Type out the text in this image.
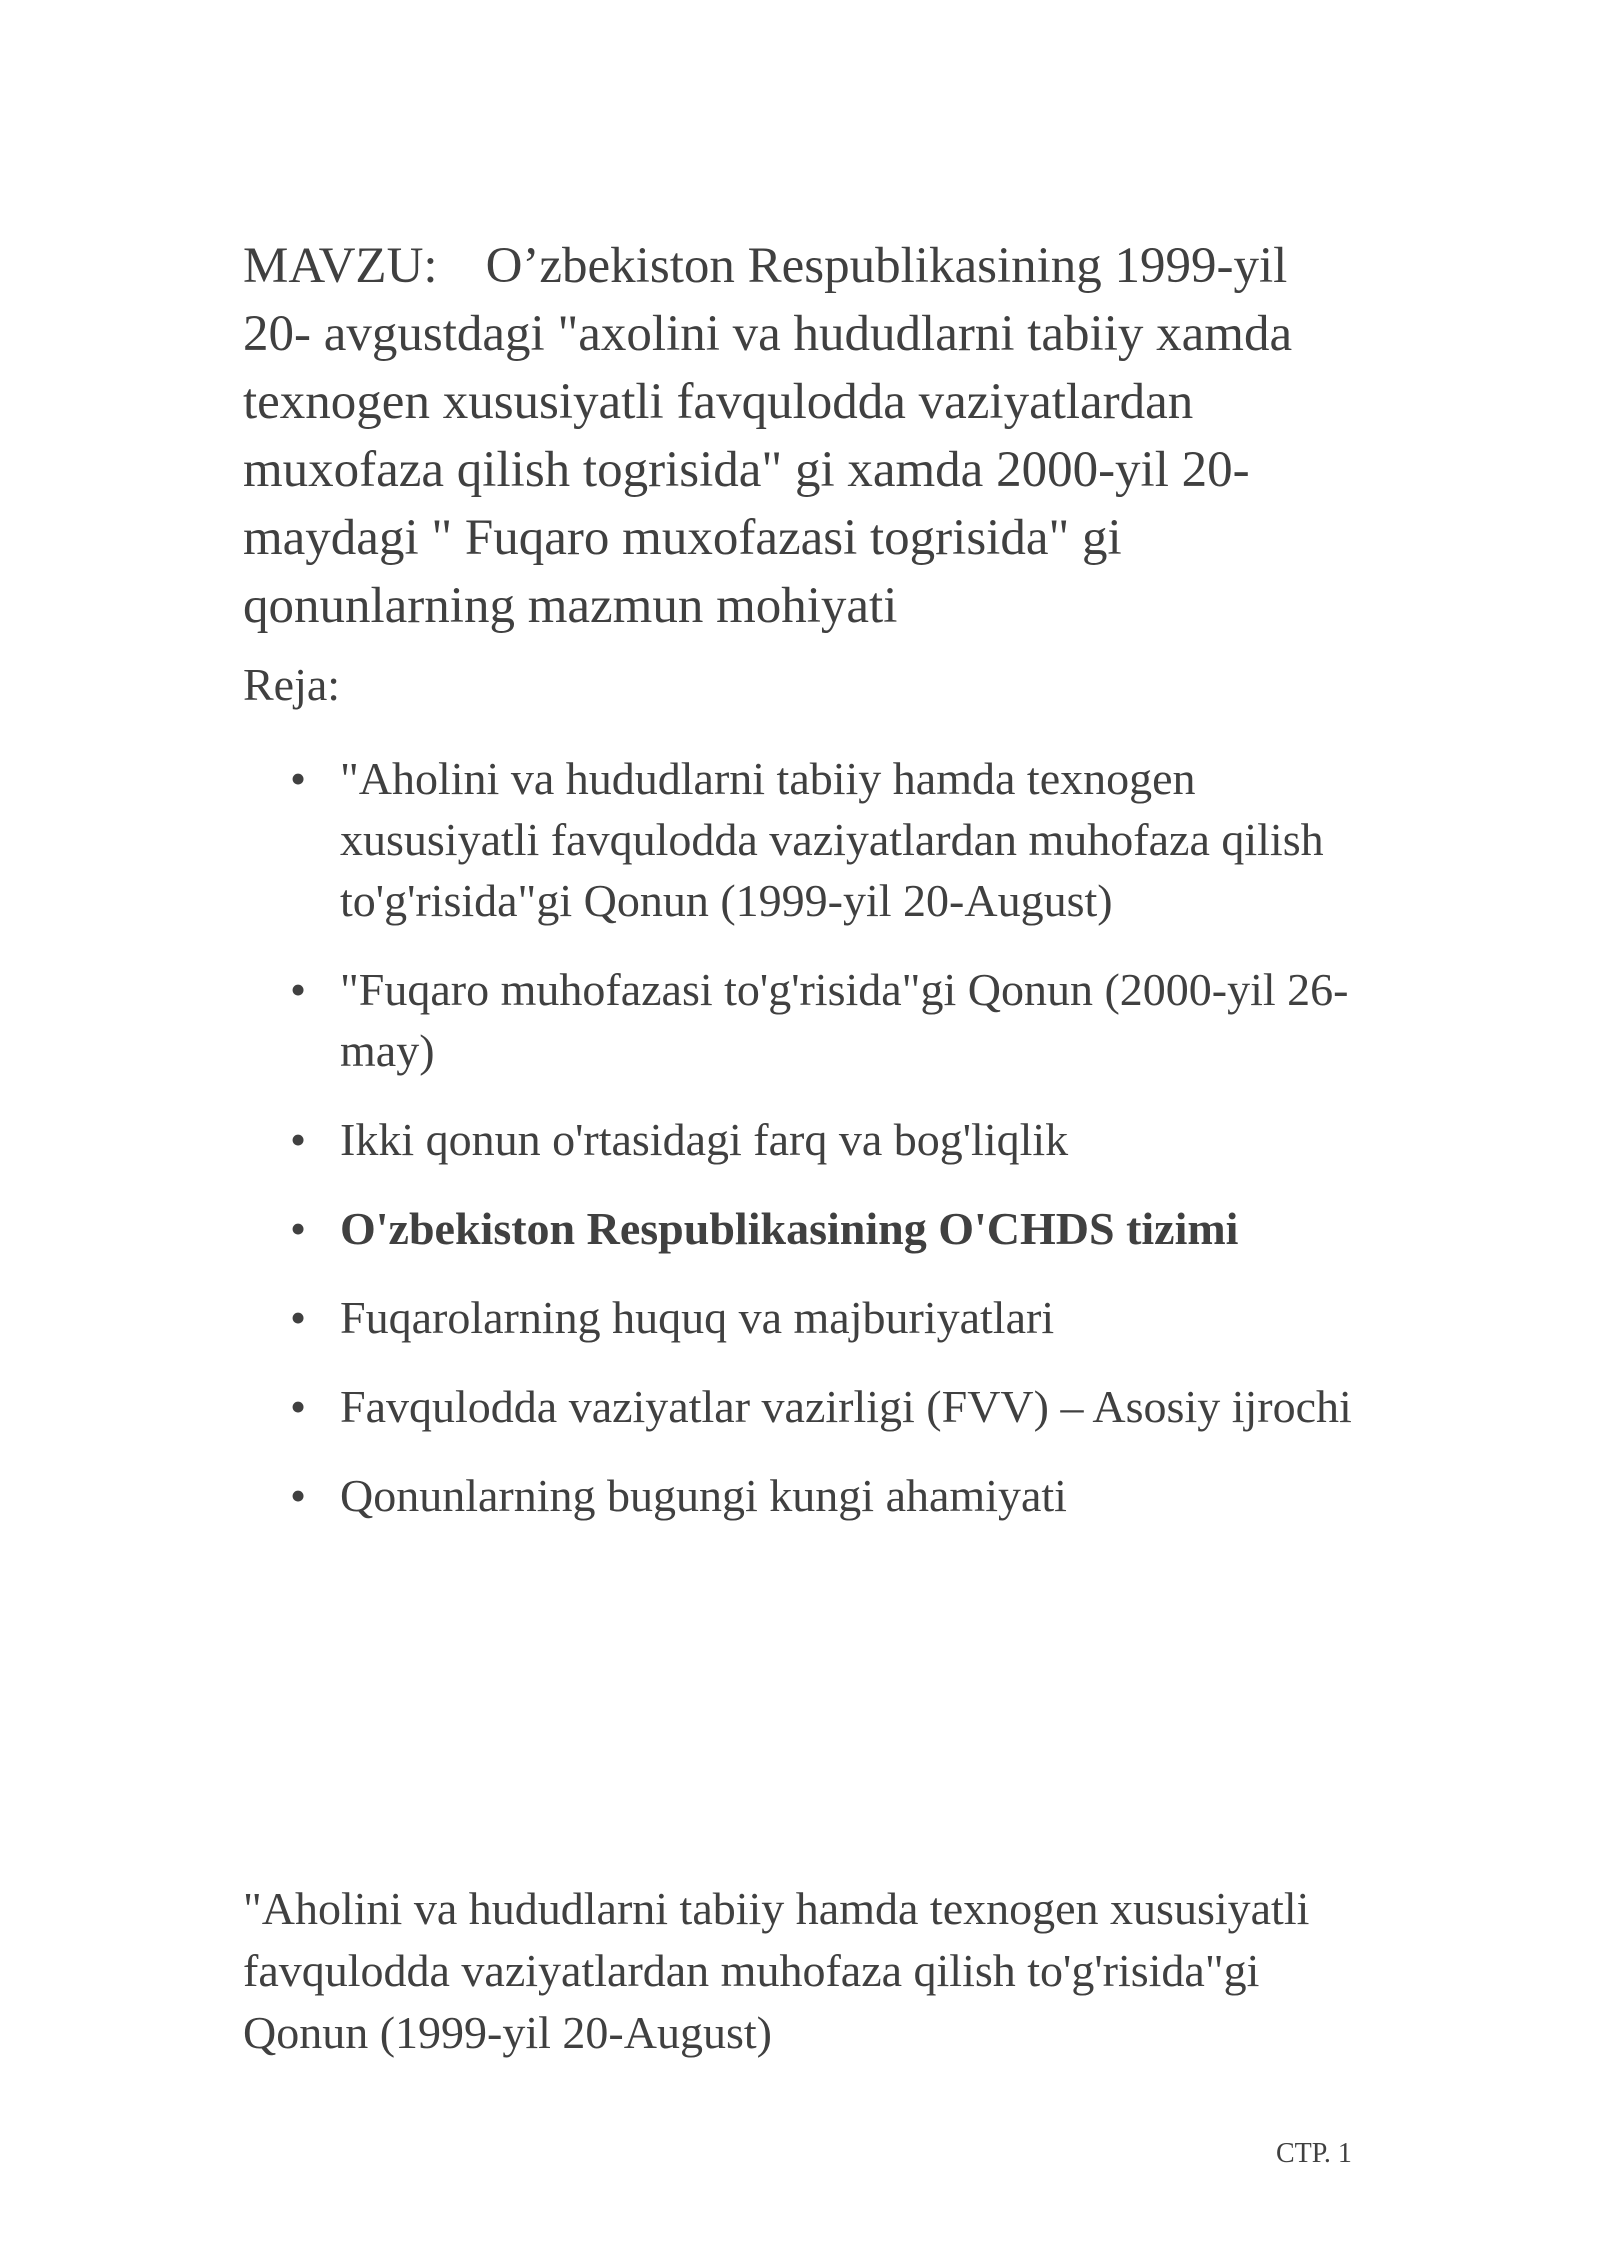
MAVZU: O’zbekiston Respublikasining 1999-yil 20- avgustdagi "axolini va hududlarni tabiiy xamda texnogen xususiyatli favqulodda vaziyatlardan muxofaza qilish togrisida" gi xamda 2000-yil 20-maydagi " Fuqaro muxofazasi togrisida" gi qonunlarning mazmun mohiyati

Reja:

• "Aholini va hududlarni tabiiy hamda texnogen xususiyatli favqulodda vaziyatlardan muhofaza qilish to'g'risida"gi Qonun (1999-yil 20-August)
• "Fuqaro muhofazasi to'g'risida"gi Qonun (2000-yil 26-may)
• Ikki qonun o'rtasidagi farq va bog'liqlik
• O'zbekiston Respublikasining O'CHDS tizimi
• Fuqarolarning huquq va majburiyatlari
• Favqulodda vaziyatlar vazirligi (FVV) – Asosiy ijrochi
• Qonunlarning bugungi kungi ahamiyati

"Aholini va hududlarni tabiiy hamda texnogen xususiyatli favqulodda vaziyatlardan muhofaza qilish to'g'risida"gi Qonun (1999-yil 20-August)

СТР. 1
